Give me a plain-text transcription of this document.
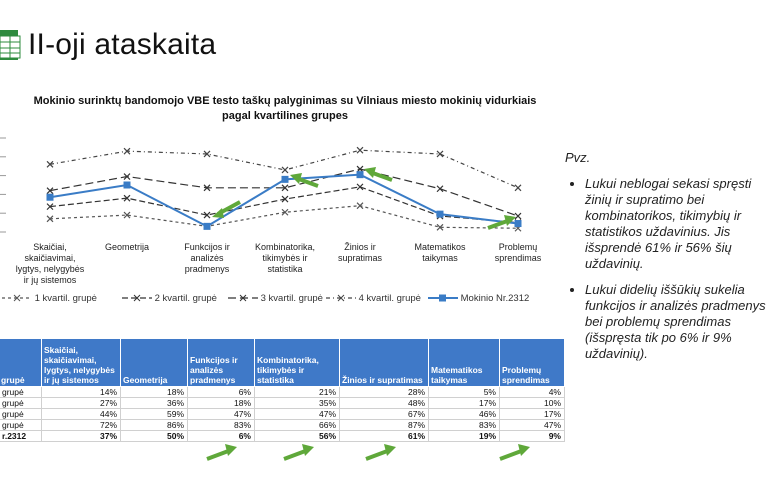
II-oji ataskaita
Mokinio surinktų bandomojo VBE testo taškų palyginimas su Vilniaus miesto mokinių vidurkiais pagal kvartilines grupes
Skaičiai, skaičiavimai, lygtys, nelygybės ir jų sistemos
Geometrija	Funkcijos ir analizės pradmenys
Kombinatorika, tikimybės ir statistika
Žinios ir supratimas
Matematikos taikymas
Problemų sprendimas
1 kvartil. grupė	2 kvartil. grupė	3 kvartil. grupė	4 kvartil. grupė	Mokinio Nr.2312
grupė	Skaičiai, skaičiavimai, lygtys, nelygybės ir jų sistemos	Geometrija	Funkcijos ir analizės pradmenys	Kombinatorika, tikimybės ir statistika	Žinios ir supratimas	Matematikos taikymas	Problemų sprendimas
grupė	14%	18%	6%	21%	28%	5%	4%
grupė	27%	36%	18%	35%	48%	17%	10%
grupė	44%	59%	47%	47%	67%	46%	17%
grupė	72%	86%	83%	66%	87%	83%	47%
r.2312	37%	50%	6%	56%	61%	19%	9%
Pvz.
• Lukui neblogai sekasi spręsti žinių ir supratimo bei kombinatorikos, tikimybių ir statistikos uždavinius. Jis išsprendė 61% ir 56% šių uždavinių.
• Lukui didelių iššūkių sukelia funkcijos ir analizės pradmenys bei problemų sprendimas (išspręsta tik po 6% ir 9% uždavinių).
